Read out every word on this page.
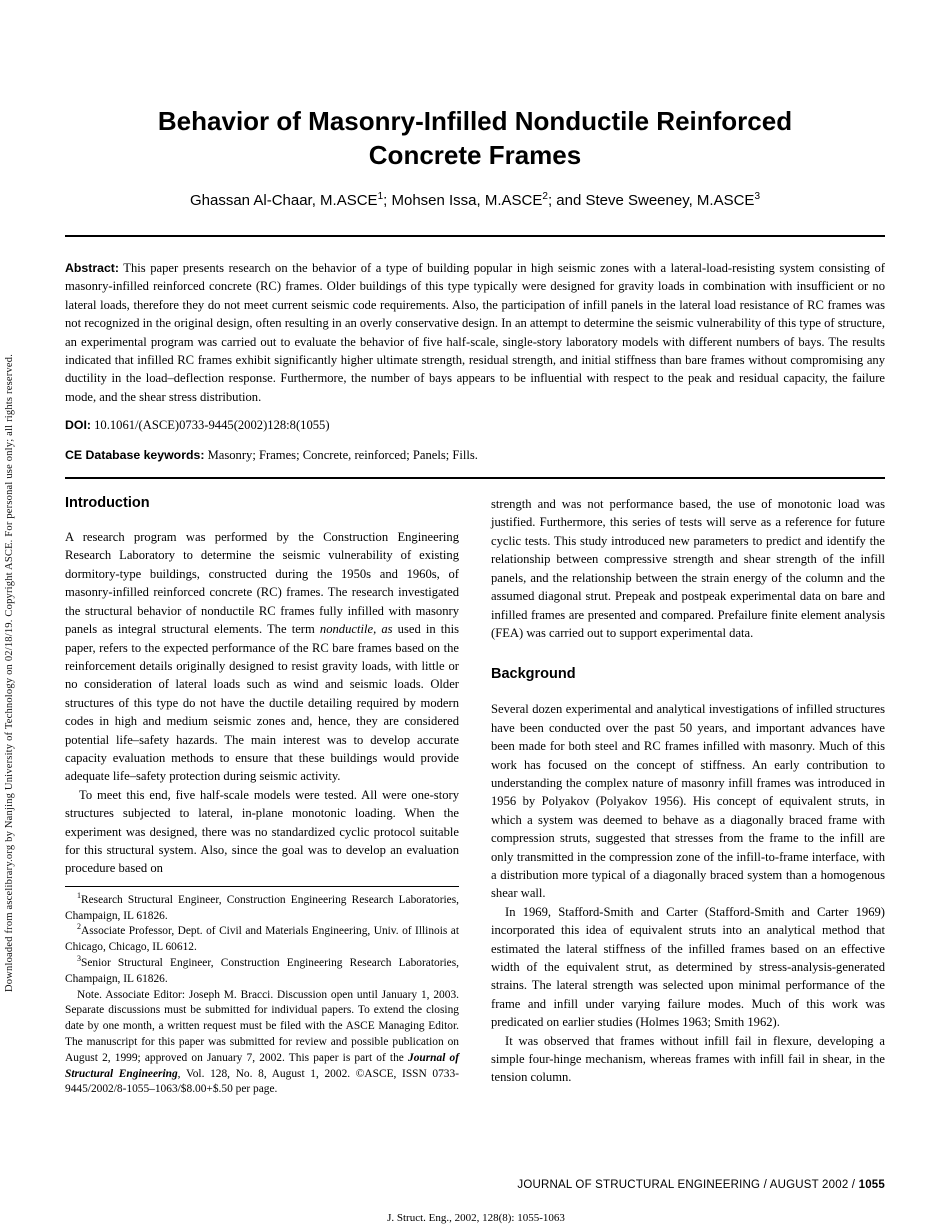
Downloaded from ascelibrary.org by Nanjing University of Technology on 02/18/19. Copyright ASCE. For personal use only; all rights reserved.
Behavior of Masonry-Infilled Nonductile Reinforced
Concrete Frames
Ghassan Al-Chaar, M.ASCE$^1$; Mohsen Issa, M.ASCE$^2$; and Steve Sweeney, M.ASCE$^3$

Abstract: This paper presents research on the behavior of a type of building popular in high seismic zones with a lateral-load-resisting system consisting of masonry-infilled reinforced concrete (RC) frames. Older buildings of this type typically were designed for gravity loads in combination with insufficient or no lateral loads, therefore they do not meet current seismic code requirements. Also, the participation of infill panels in the lateral load resistance of RC frames was not recognized in the original design, often resulting in an overly conservative design. In an attempt to determine the seismic vulnerability of this type of structure, an experimental program was carried out to evaluate the behavior of five half-scale, single-story laboratory models with different numbers of bays. The results indicated that infilled RC frames exhibit significantly higher ultimate strength, residual strength, and initial stiffness than bare frames without compromising any ductility in the load–deflection response. Furthermore, the number of bays appears to be influential with respect to the peak and residual capacity, the failure mode, and the shear stress distribution.

DOI: 10.1061/(ASCE)0733-9445(2002)128:8(1055)

CE Database keywords: Masonry; Frames; Concrete, reinforced; Panels; Fills.

Introduction

A research program was performed by the Construction Engineering Research Laboratory to determine the seismic vulnerability of existing dormitory-type buildings, constructed during the 1950s and 1960s, of masonry-infilled reinforced concrete (RC) frames. The research investigated the structural behavior of nonductile RC frames fully infilled with masonry panels as integral structural elements. The term nonductile, as used in this paper, refers to the expected performance of the RC bare frames based on the reinforcement details originally designed to resist gravity loads, with little or no consideration of lateral loads such as wind and seismic loads. Older structures of this type do not have the ductile detailing required by modern codes in high and medium seismic zones and, hence, they are considered potential life–safety hazards. The main interest was to develop accurate capacity evaluation methods to ensure that these buildings would provide adequate life–safety protection during seismic activity.

To meet this end, five half-scale models were tested. All were one-story structures subjected to lateral, in-plane monotonic loading. When the experiment was designed, there was no standardized cyclic protocol suitable for this structural system. Also, since the goal was to develop an evaluation procedure based on

$^1$Research Structural Engineer, Construction Engineering Research Laboratories, Champaign, IL 61826.

$^2$Associate Professor, Dept. of Civil and Materials Engineering, Univ. of Illinois at Chicago, Chicago, IL 60612.

$^3$Senior Structural Engineer, Construction Engineering Research Laboratories, Champaign, IL 61826.

Note. Associate Editor: Joseph M. Bracci. Discussion open until January 1, 2003. Separate discussions must be submitted for individual papers. To extend the closing date by one month, a written request must be filed with the ASCE Managing Editor. The manuscript for this paper was submitted for review and possible publication on August 2, 1999; approved on January 7, 2002. This paper is part of the Journal of Structural Engineering, Vol. 128, No. 8, August 1, 2002. ©ASCE, ISSN 0733-9445/2002/8-1055–1063/$8.00+$.50 per page.

strength and was not performance based, the use of monotonic load was justified. Furthermore, this series of tests will serve as a reference for future cyclic tests. This study introduced new parameters to predict and identify the relationship between compressive strength and shear strength of the infill panels, and the relationship between the strain energy of the column and the assumed diagonal strut. Prepeak and postpeak experimental data on bare and infilled frames are presented and compared. Prefailure finite element analysis (FEA) was carried out to support experimental data.

Background

Several dozen experimental and analytical investigations of infilled structures have been conducted over the past 50 years, and important advances have been made for both steel and RC frames infilled with masonry. Much of this work has focused on the concept of stiffness. An early contribution to understanding the complex nature of masonry infill frames was introduced in 1956 by Polyakov (Polyakov 1956). His concept of equivalent struts, in which a system was deemed to behave as a diagonally braced frame with compression struts, suggested that stresses from the frame to the infill are only transmitted in the compression zone of the infill-to-frame interface, with a distribution more typical of a diagonally braced system than a homogenous shear wall.

In 1969, Stafford-Smith and Carter (Stafford-Smith and Carter 1969) incorporated this idea of equivalent struts into an analytical method that estimated the lateral stiffness of the infilled frames based on an effective width of the equivalent strut, as determined by stress-analysis-generated strains. The lateral strength was selected upon minimal performance of the frame and infill under varying failure modes. Much of this work was predicated on earlier studies (Holmes 1963; Smith 1962).

It was observed that frames without infill fail in flexure, developing a simple four-hinge mechanism, whereas frames with infill fail in shear, in the tension column.

JOURNAL OF STRUCTURAL ENGINEERING / AUGUST 2002 / 1055
J. Struct. Eng., 2002, 128(8): 1055-1063
